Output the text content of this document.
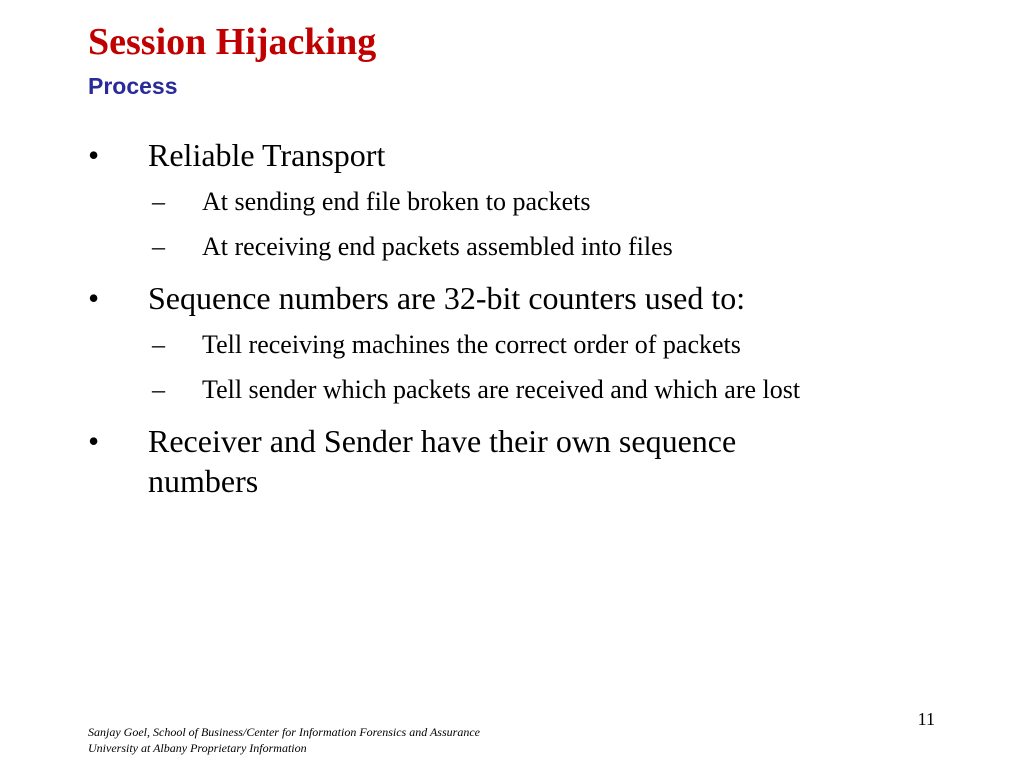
Session Hijacking
Process
•	Reliable Transport
– At sending end file broken to packets
– At receiving end packets assembled into files
•	Sequence numbers are 32-bit counters used to:
– Tell receiving machines the correct order of packets
– Tell sender which packets are received and which are lost
•	Receiver and Sender have their own sequence numbers
11
Sanjay Goel, School of Business/Center for Information Forensics and Assurance
University at Albany Proprietary Information
